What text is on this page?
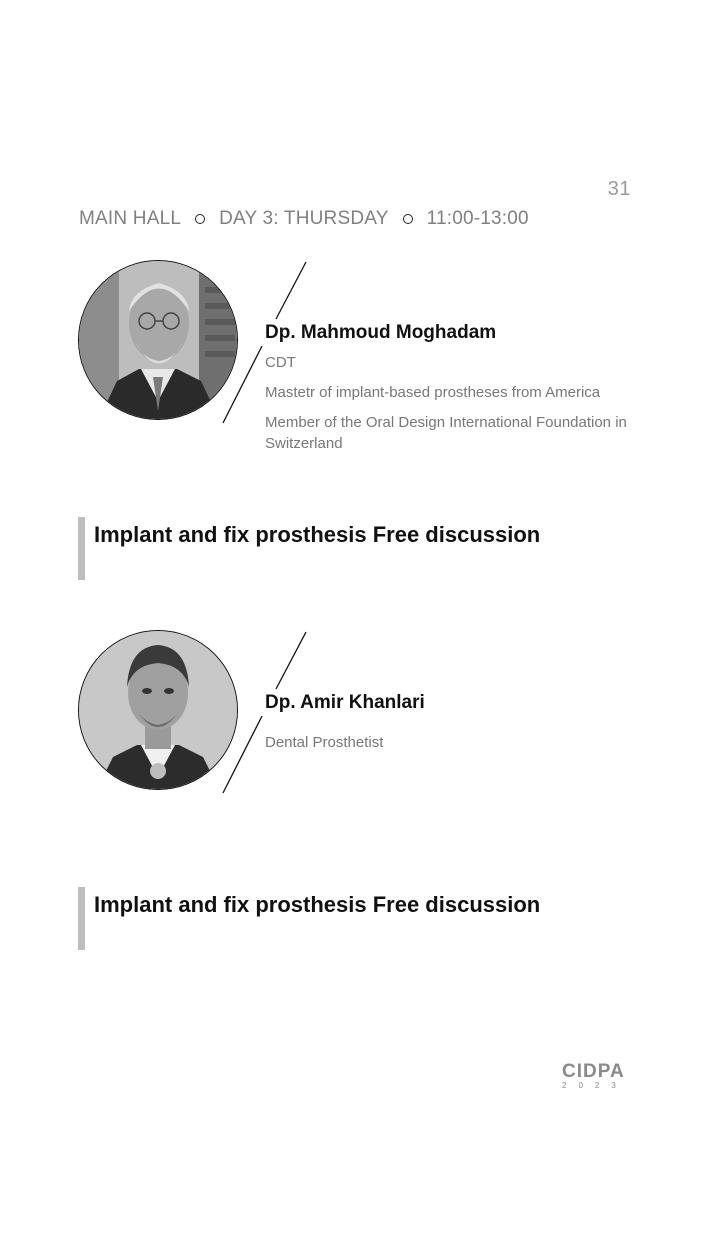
31
MAIN HALL DAY 3: THURSDAY 11:00-13:00
Dp. Mahmoud Moghadam
CDT
Mastetr of implant-based prostheses from America
Member of the Oral Design International Foundation in Switzerland
Implant and fix prosthesis Free discussion
Dp. Amir Khanlari
Dental Prosthetist
Implant and fix prosthesis Free discussion
CIDPA
2023
